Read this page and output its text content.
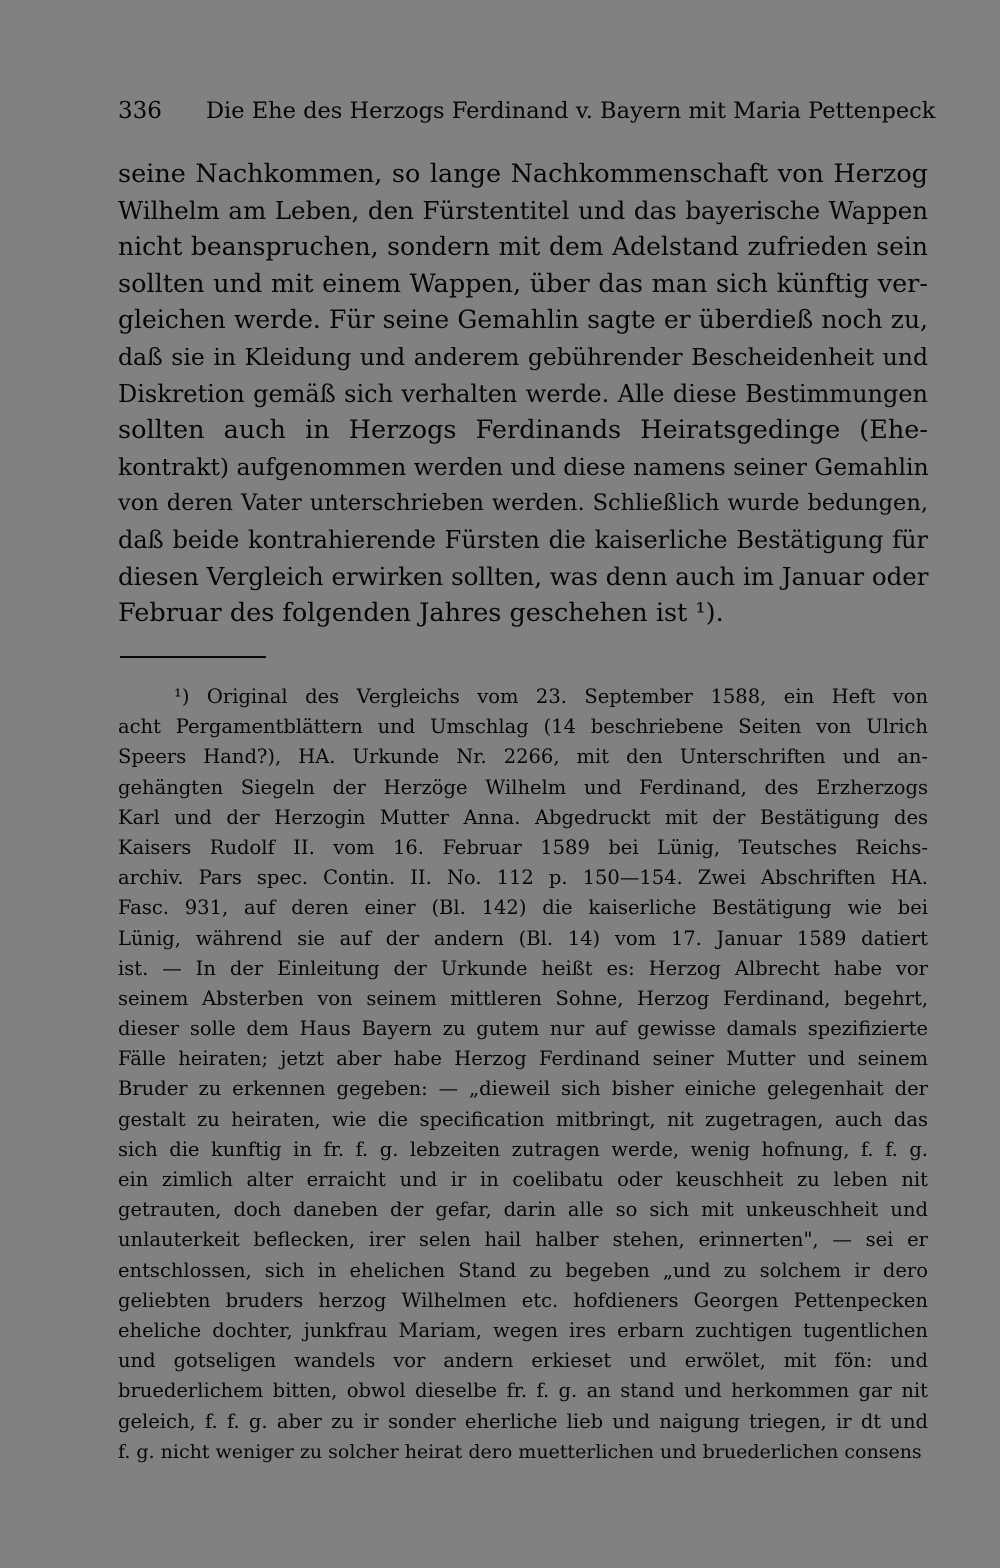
336 Die Ehe des Herzogs Ferdinand v. Bayern mit Maria Pettenpeck
seine Nachkommen, so lange Nachkommenschaft von Herzog
Wilhelm am Leben, den Fürstentitel und das bayerische Wappen
nicht beanspruchen, sondern mit dem Adelstand zufrieden sein
sollten und mit einem Wappen, über das man sich künftig ver-
gleichen werde. Für seine Gemahlin sagte er überdieß noch zu,
daß sie in Kleidung und anderem gebührender Bescheidenheit und
Diskretion gemäß sich verhalten werde. Alle diese Bestimmungen
sollten auch in Herzogs Ferdinands Heiratsgedinge (Ehe-
kontrakt) aufgenommen werden und diese namens seiner Gemahlin
von deren Vater unterschrieben werden. Schließlich wurde bedungen,
daß beide kontrahierende Fürsten die kaiserliche Bestätigung für
diesen Vergleich erwirken sollten, was denn auch im Januar oder
Februar des folgenden Jahres geschehen ist ¹).
¹) Original des Vergleichs vom 23. September 1588, ein Heft von
acht Pergamentblättern und Umschlag (14 beschriebene Seiten von Ulrich
Speers Hand?), HA. Urkunde Nr. 2266, mit den Unterschriften und an-
gehängten Siegeln der Herzöge Wilhelm und Ferdinand, des Erzherzogs
Karl und der Herzogin Mutter Anna. Abgedruckt mit der Bestätigung des
Kaisers Rudolf II. vom 16. Februar 1589 bei Lünig, Teutsches Reichs-
archiv. Pars spec. Contin. II. No. 112 p. 150—154. Zwei Abschriften HA.
Fasc. 931, auf deren einer (Bl. 142) die kaiserliche Bestätigung wie bei
Lünig, während sie auf der andern (Bl. 14) vom 17. Januar 1589 datiert
ist. — In der Einleitung der Urkunde heißt es: Herzog Albrecht habe vor
seinem Absterben von seinem mittleren Sohne, Herzog Ferdinand, begehrt,
dieser solle dem Haus Bayern zu gutem nur auf gewisse damals spezifizierte
Fälle heiraten; jetzt aber habe Herzog Ferdinand seiner Mutter und seinem
Bruder zu erkennen gegeben: — „dieweil sich bisher einiche gelegenhait der
gestalt zu heiraten, wie die specification mitbringt, nit zugetragen, auch das
sich die kunftig in fr. f. g. lebzeiten zutragen werde, wenig hofnung, f. f. g.
ein zimlich alter erraicht und ir in coelibatu oder keuschheit zu leben nit
getrauten, doch daneben der gefar, darin alle so sich mit unkeuschheit und
unlauterkeit beflecken, irer selen hail halber stehen, erinnerten", — sei er
entschlossen, sich in ehelichen Stand zu begeben „und zu solchem ir dero
geliebten bruders herzog Wilhelmen etc. hofdieners Georgen Pettenpecken
eheliche dochter, junkfrau Mariam, wegen ires erbarn zuchtigen tugentlichen
und gotseligen wandels vor andern erkieset und erwölet, mit fön: und
bruederlichem bitten, obwol dieselbe fr. f. g. an stand und herkommen gar nit
geleich, f. f. g. aber zu ir sonder eherliche lieb und naigung triegen, ir dt und
f. g. nicht weniger zu solcher heirat dero muetterlichen und bruederlichen consens
